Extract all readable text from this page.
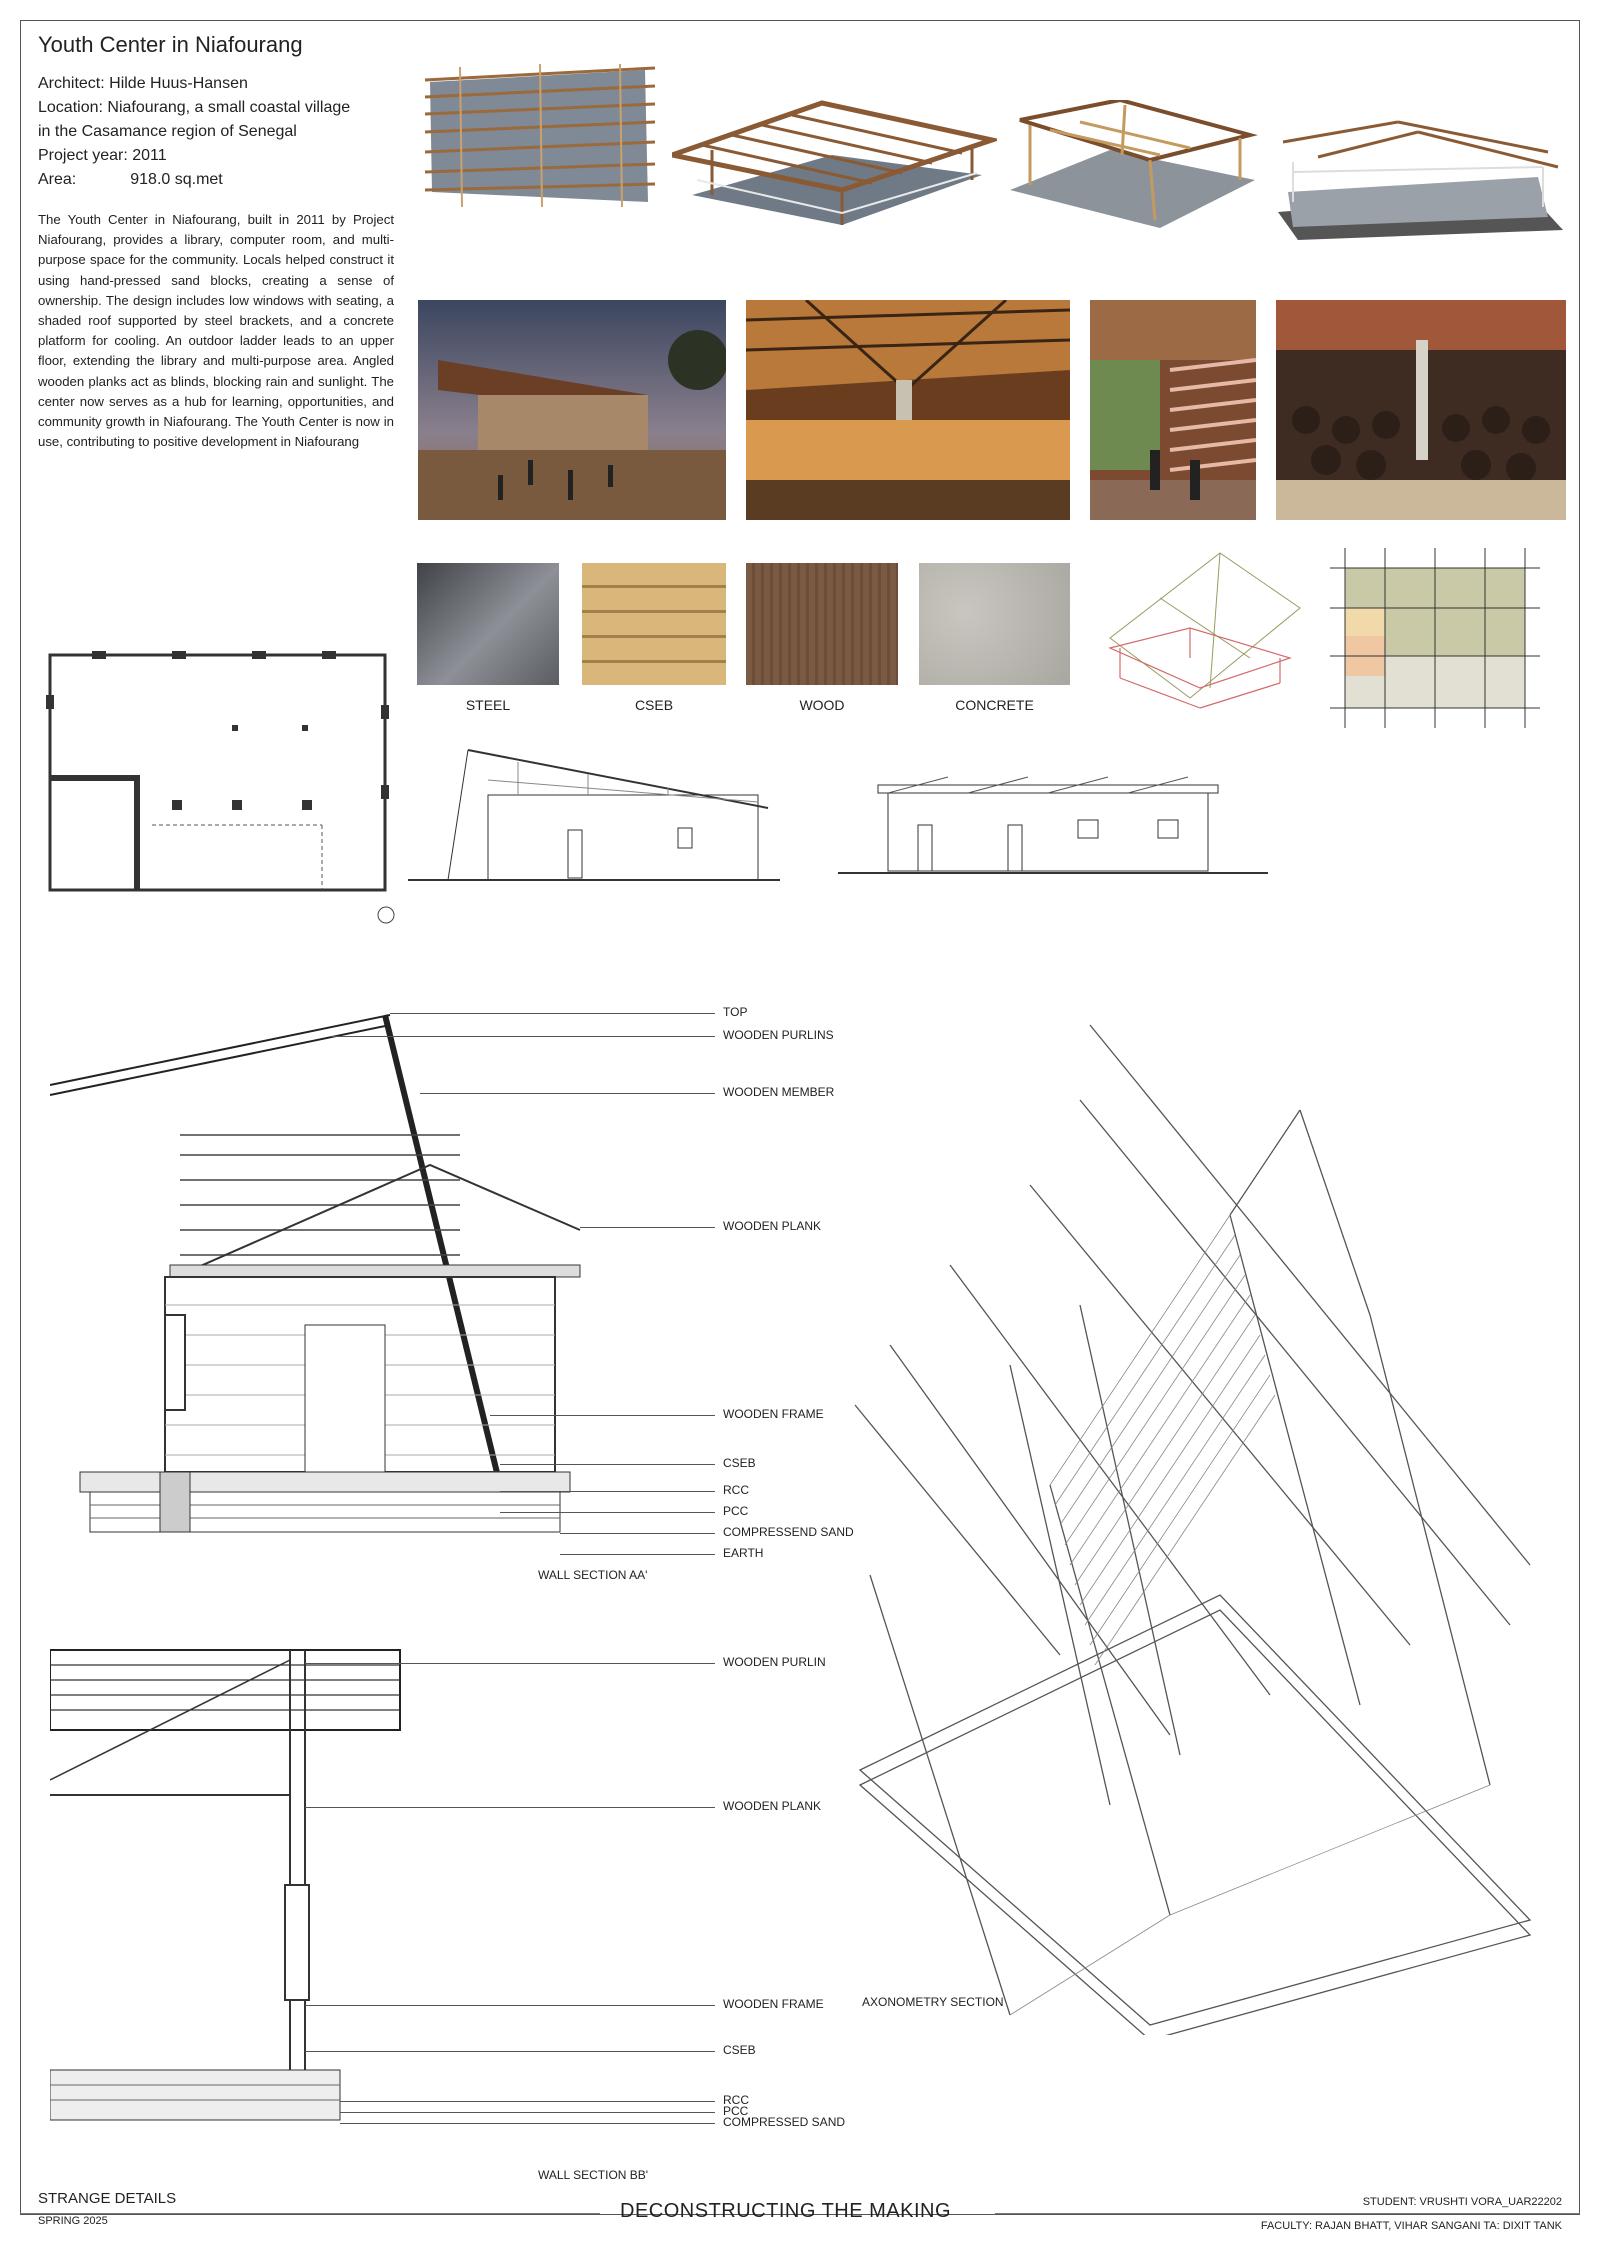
Youth Center in Niafourang
Architect: Hilde Huus-Hansen
Location: Niafourang, a small coastal village
in the Casamance region of Senegal
Project year: 2011
Area:	918.0 sq.met
The Youth Center in Niafourang, built in 2011 by Project Niafourang, provides a library, computer room, and multi-purpose space for the community. Locals helped construct it using hand-pressed sand blocks, creating a sense of ownership. The design includes low windows with seating, a shaded roof supported by steel brackets, and a concrete platform for cooling. An outdoor ladder leads to an upper floor, extending the library and multi-purpose area. Angled wooden planks act as blinds, blocking rain and sunlight. The center now serves as a hub for learning, opportunities, and community growth in Niafourang. The Youth Center is now in use, contributing to positive development in Niafourang
STEEL	CSEB	WOOD	CONCRETE
TOP
WOODEN PURLINS
WOODEN MEMBER
WOODEN PLANK
WOODEN FRAME
CSEB
RCC
PCC
COMPRESSEND SAND
EARTH
WALL SECTION AA'
WOODEN PURLIN
WOODEN PLANK
WOODEN FRAME
CSEB
RCC
PCC
COMPRESSED SAND
WALL SECTION BB'
AXONOMETRY SECTION
STRANGE DETAILS
SPRING 2025	DECONSTRUCTING THE MAKING	STUDENT: VRUSHTI VORA_UAR22202
FACULTY: RAJAN BHATT, VIHAR SANGANI TA: DIXIT TANK
